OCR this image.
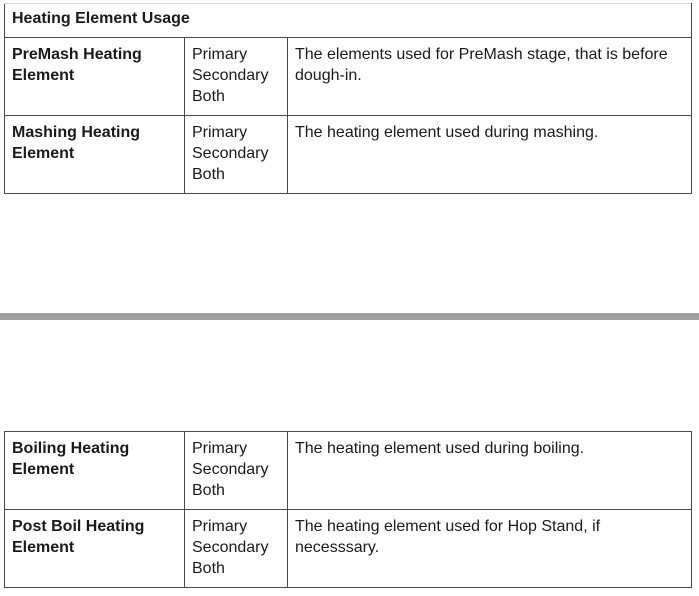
Heating Element Usage		
PreMash Heating Element	Primary
Secondary
Both	The elements used for PreMash stage, that is before dough-in.
Mashing Heating Element	Primary
Secondary
Both	The heating element used during mashing.
Boiling Heating Element	Primary
Secondary
Both	The heating element used during boiling.
Post Boil Heating Element	Primary
Secondary
Both	The heating element used for Hop Stand, if necesssary.
